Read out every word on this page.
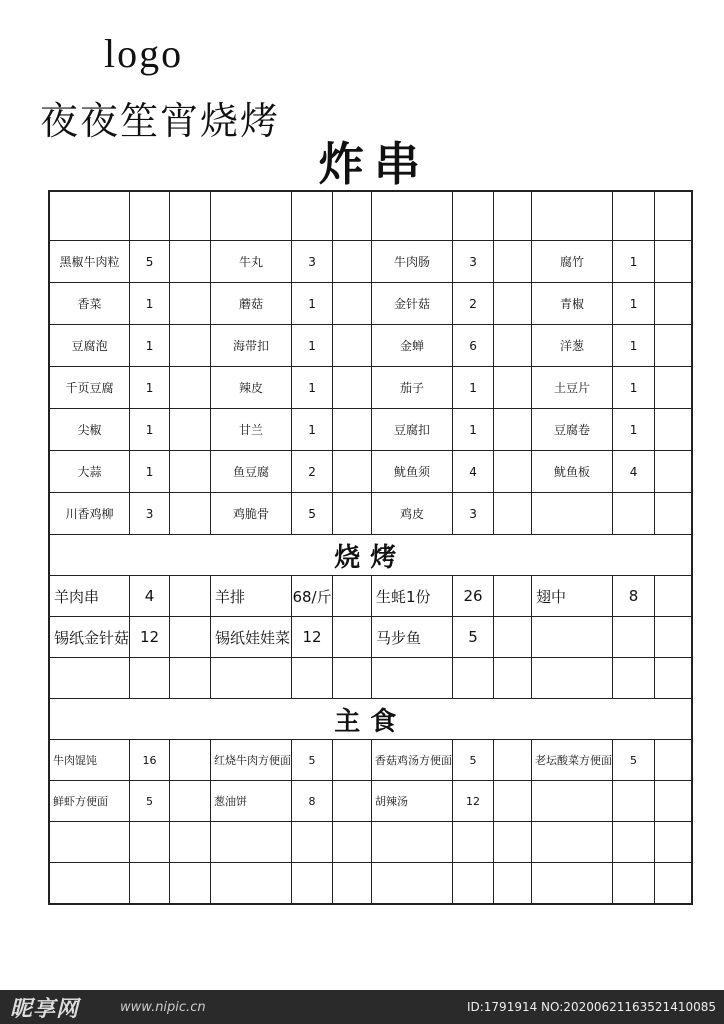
logo
夜夜笙宵烧烤
炸串

黑椒牛肉粒	5		牛丸	3		牛肉肠	3		腐竹	1	
香菜	1		蘑菇	1		金针菇	2		青椒	1	
豆腐泡	1		海带扣	1		金蝉	6		洋葱	1	
千页豆腐	1		辣皮	1		茄子	1		土豆片	1	
尖椒	1		甘兰	1		豆腐扣	1		豆腐卷	1	
大蒜	1		鱼豆腐	2		鱿鱼须	4		鱿鱼板	4	
川香鸡柳	3		鸡脆骨	5		鸡皮	3				
烧烤											
羊肉串	4		羊排	68/斤		生蚝1份	26		翅中	8	
锡纸金针菇	12		锡纸娃娃菜	12		马步鱼	5				

主食											
牛肉馄饨	16		红烧牛肉方便面	5		香菇鸡汤方便面	5		老坛酸菜方便面	5	
鲜虾方便面	5		葱油饼	8		胡辣汤	12				

昵享网	www.nipic.cn	ID:1791914 NO:20200621163521410085
